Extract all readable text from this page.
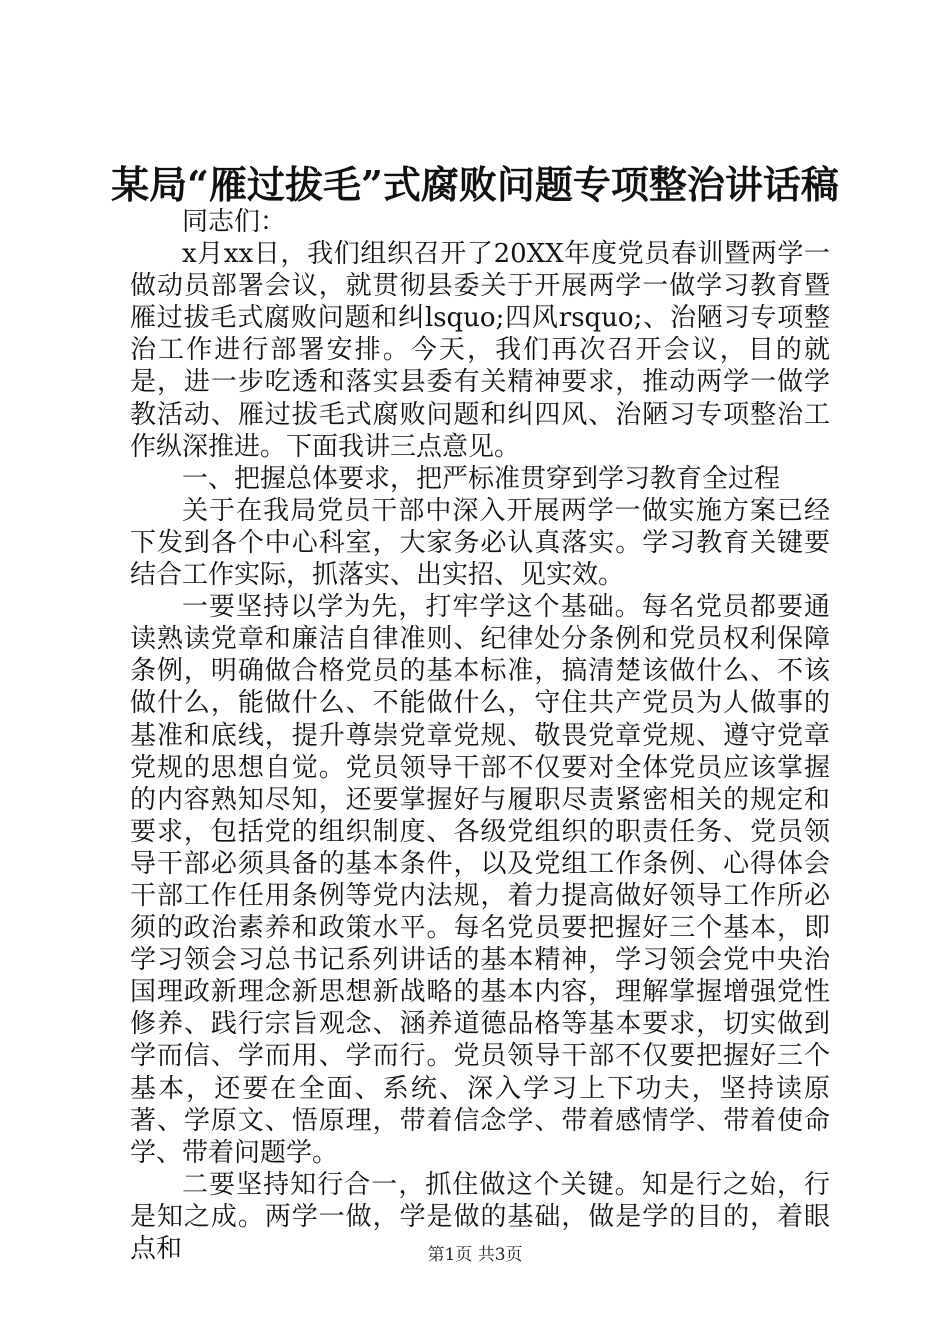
某局“雁过拔毛”式腐败问题专项整治讲话稿

同志们：

x月xx日，我们组织召开了20XX年度党员春训暨两学一做动员部署会议，就贯彻县委关于开展两学一做学习教育暨雁过拔毛式腐败问题和纠lsquo;四风rsquo;、治陋习专项整治工作进行部署安排。今天，我们再次召开会议，目的就是，进一步吃透和落实县委有关精神要求，推动两学一做学教活动、雁过拔毛式腐败问题和纠四风、治陋习专项整治工作纵深推进。下面我讲三点意见。

一、把握总体要求，把严标准贯穿到学习教育全过程

关于在我局党员干部中深入开展两学一做实施方案已经下发到各个中心科室，大家务必认真落实。学习教育关键要结合工作实际，抓落实、出实招、见实效。

一要坚持以学为先，打牢学这个基础。每名党员都要通读熟读党章和廉洁自律准则、纪律处分条例和党员权利保障条例，明确做合格党员的基本标准，搞清楚该做什么、不该做什么，能做什么、不能做什么，守住共产党员为人做事的基准和底线，提升尊崇党章党规、敬畏党章党规、遵守党章党规的思想自觉。党员领导干部不仅要对全体党员应该掌握的内容熟知尽知，还要掌握好与履职尽责紧密相关的规定和要求，包括党的组织制度、各级党组织的职责任务、党员领导干部必须具备的基本条件，以及党组工作条例、心得体会干部工作任用条例等党内法规，着力提高做好领导工作所必须的政治素养和政策水平。每名党员要把握好三个基本，即学习领会习总书记系列讲话的基本精神，学习领会党中央治国理政新理念新思想新战略的基本内容，理解掌握增强党性修养、践行宗旨观念、涵养道德品格等基本要求，切实做到学而信、学而用、学而行。党员领导干部不仅要把握好三个基本，还要在全面、系统、深入学习上下功夫，坚持读原著、学原文、悟原理，带着信念学、带着感情学、带着使命学、带着问题学。

二要坚持知行合一，抓住做这个关键。知是行之始，行是知之成。两学一做，学是做的基础，做是学的目的，着眼点和	第1页 共3页
